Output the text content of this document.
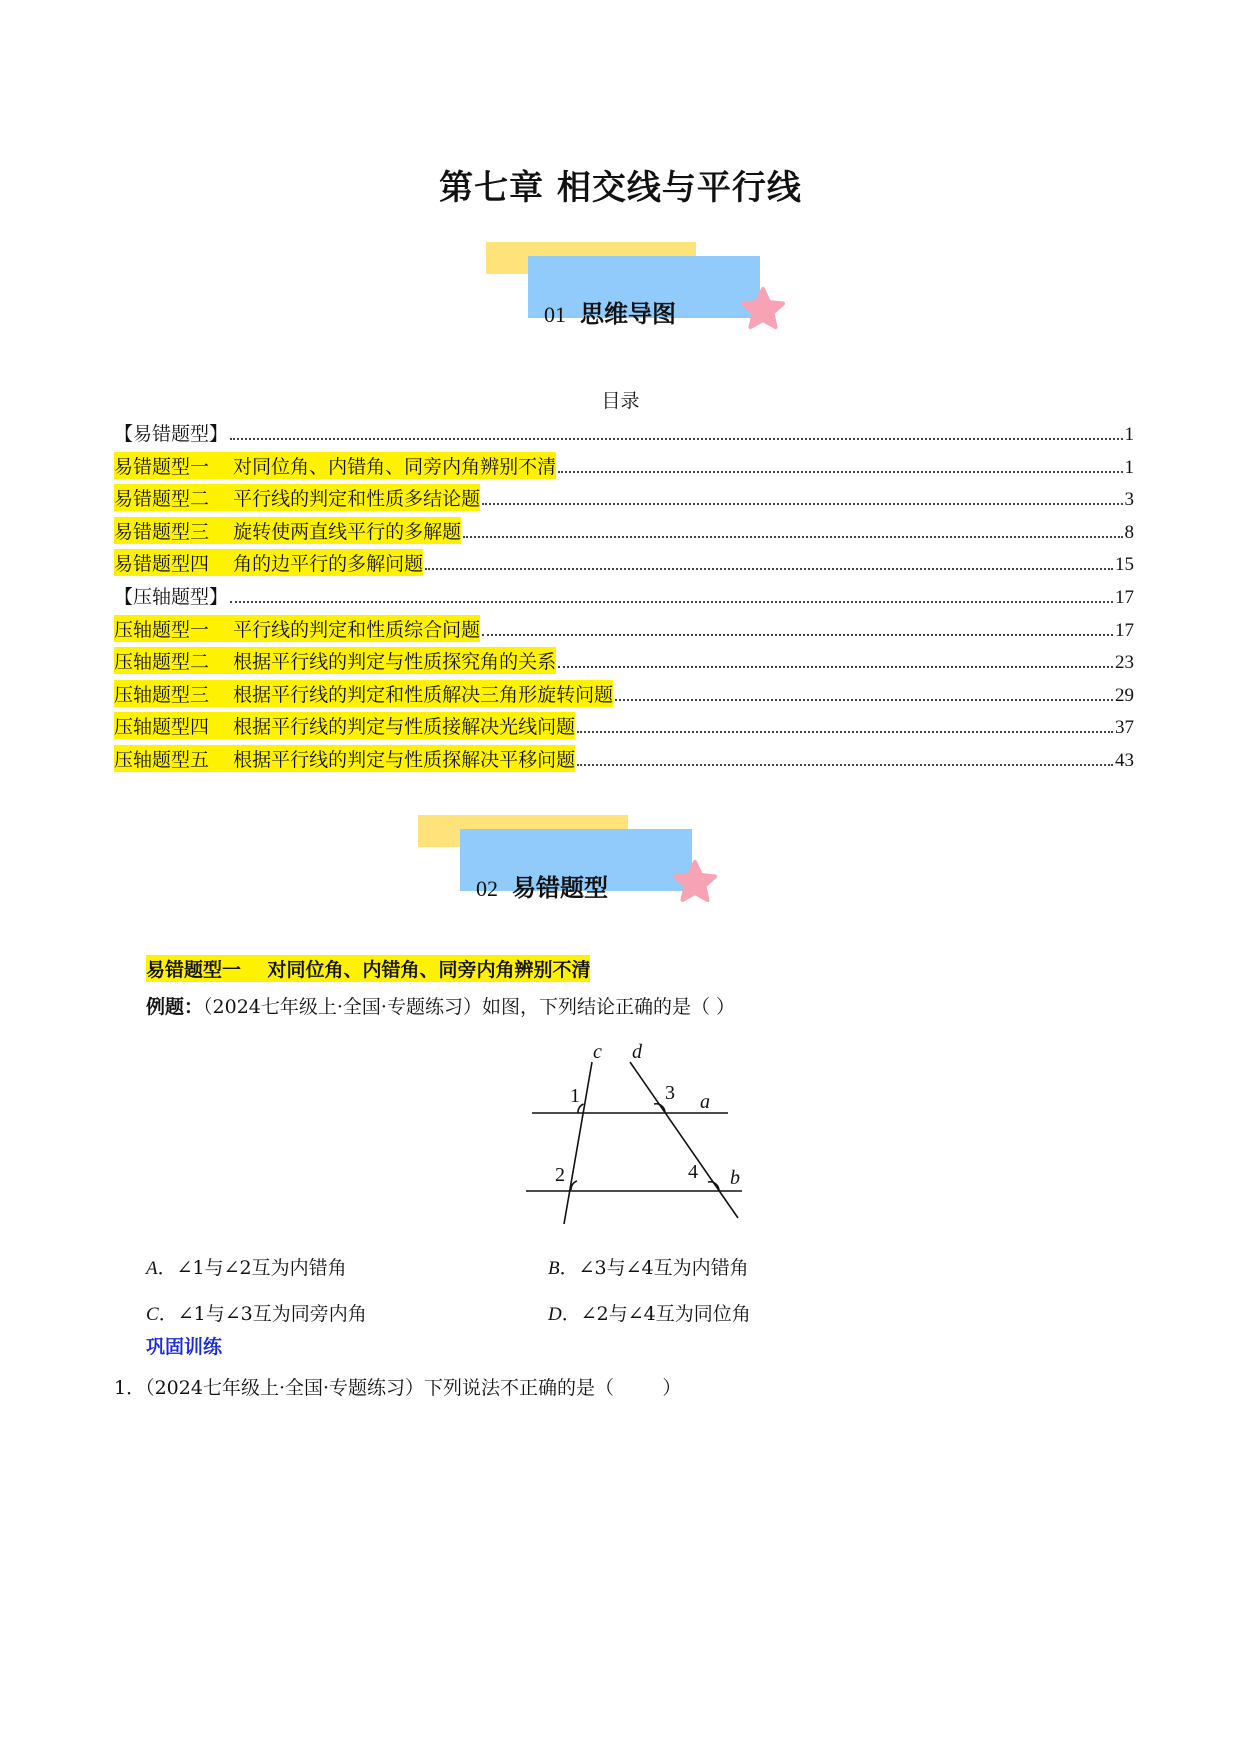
第七章 相交线与平行线
01 思维导图
目录
【易错题型】	1
易错题型一    对同位角、内错角、同旁内角辨别不清	1
易错题型二    平行线的判定和性质多结论题	3
易错题型三    旋转使两直线平行的多解题	8
易错题型四    角的边平行的多解问题	15
【压轴题型】	17
压轴题型一    平行线的判定和性质综合问题	17
压轴题型二    根据平行线的判定与性质探究角的关系	23
压轴题型三    根据平行线的判定和性质解决三角形旋转问题	29
压轴题型四    根据平行线的判定与性质接解决光线问题	37
压轴题型五    根据平行线的判定与性质探解决平移问题	43
02 易错题型
易错题型一    对同位角、内错角、同旁内角辨别不清
例题：（2024七年级上·全国·专题练习）如图，下列结论正确的是（ ）
c d
a
b
1
2
3
4
A．∠1与∠2互为内错角	B．∠3与∠4互为内错角
C．∠1与∠3互为同旁内角	D．∠2与∠4互为同位角
巩固训练
1．（2024七年级上·全国·专题练习）下列说法不正确的是（        ）
